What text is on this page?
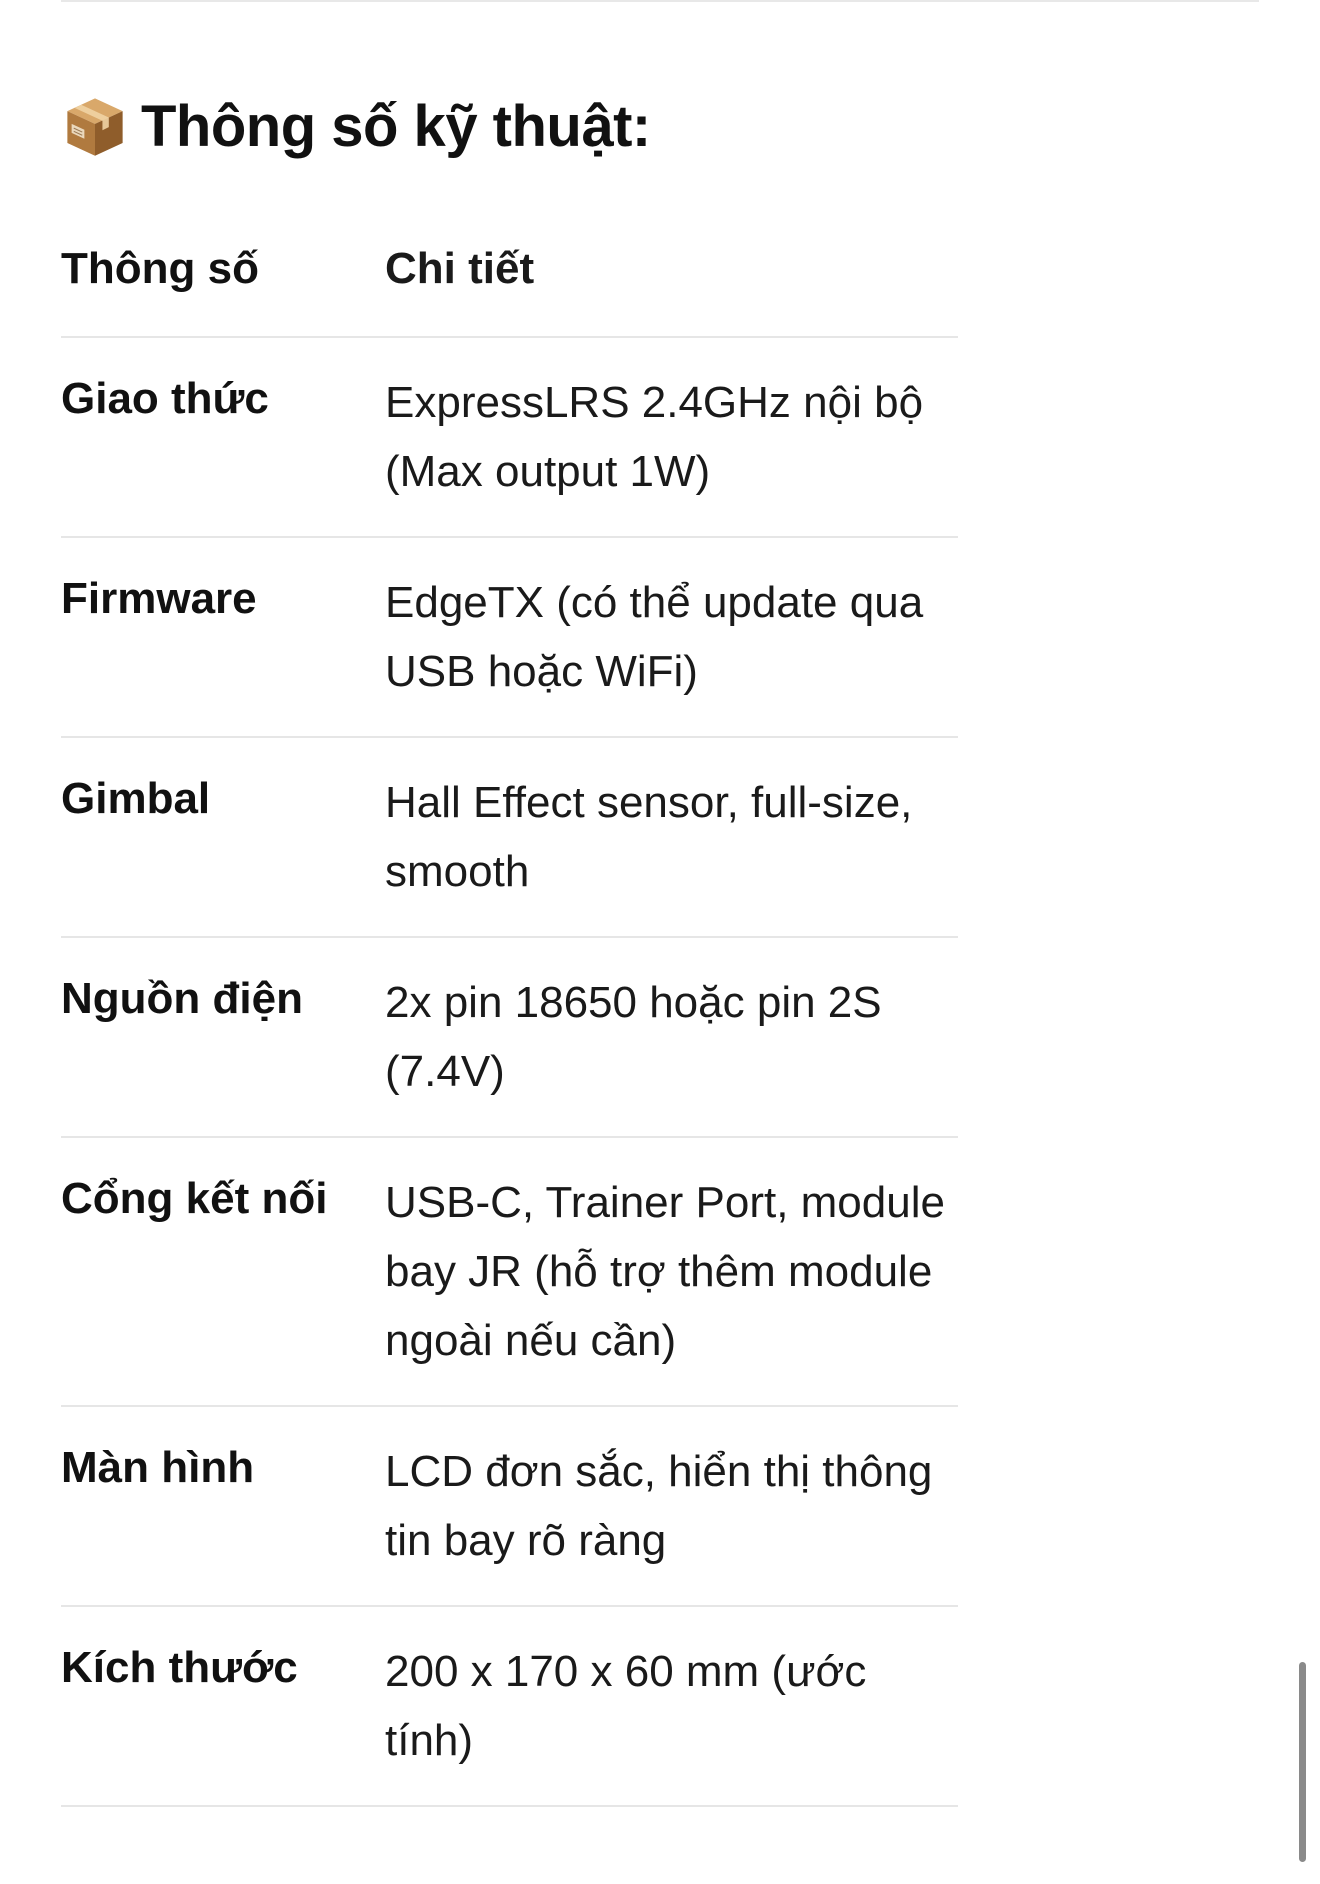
Thông số kỹ thuật:
Thông số	Chi tiết
Giao thức	ExpressLRS 2.4GHz nội bộ (Max output 1W)
Firmware	EdgeTX (có thể update qua USB hoặc WiFi)
Gimbal	Hall Effect sensor, full-size, smooth
Nguồn điện	2x pin 18650 hoặc pin 2S (7.4V)
Cổng kết nối	USB-C, Trainer Port, module bay JR (hỗ trợ thêm module ngoài nếu cần)
Màn hình	LCD đơn sắc, hiển thị thông tin bay rõ ràng
Kích thước	200 x 170 x 60 mm (ước tính)
